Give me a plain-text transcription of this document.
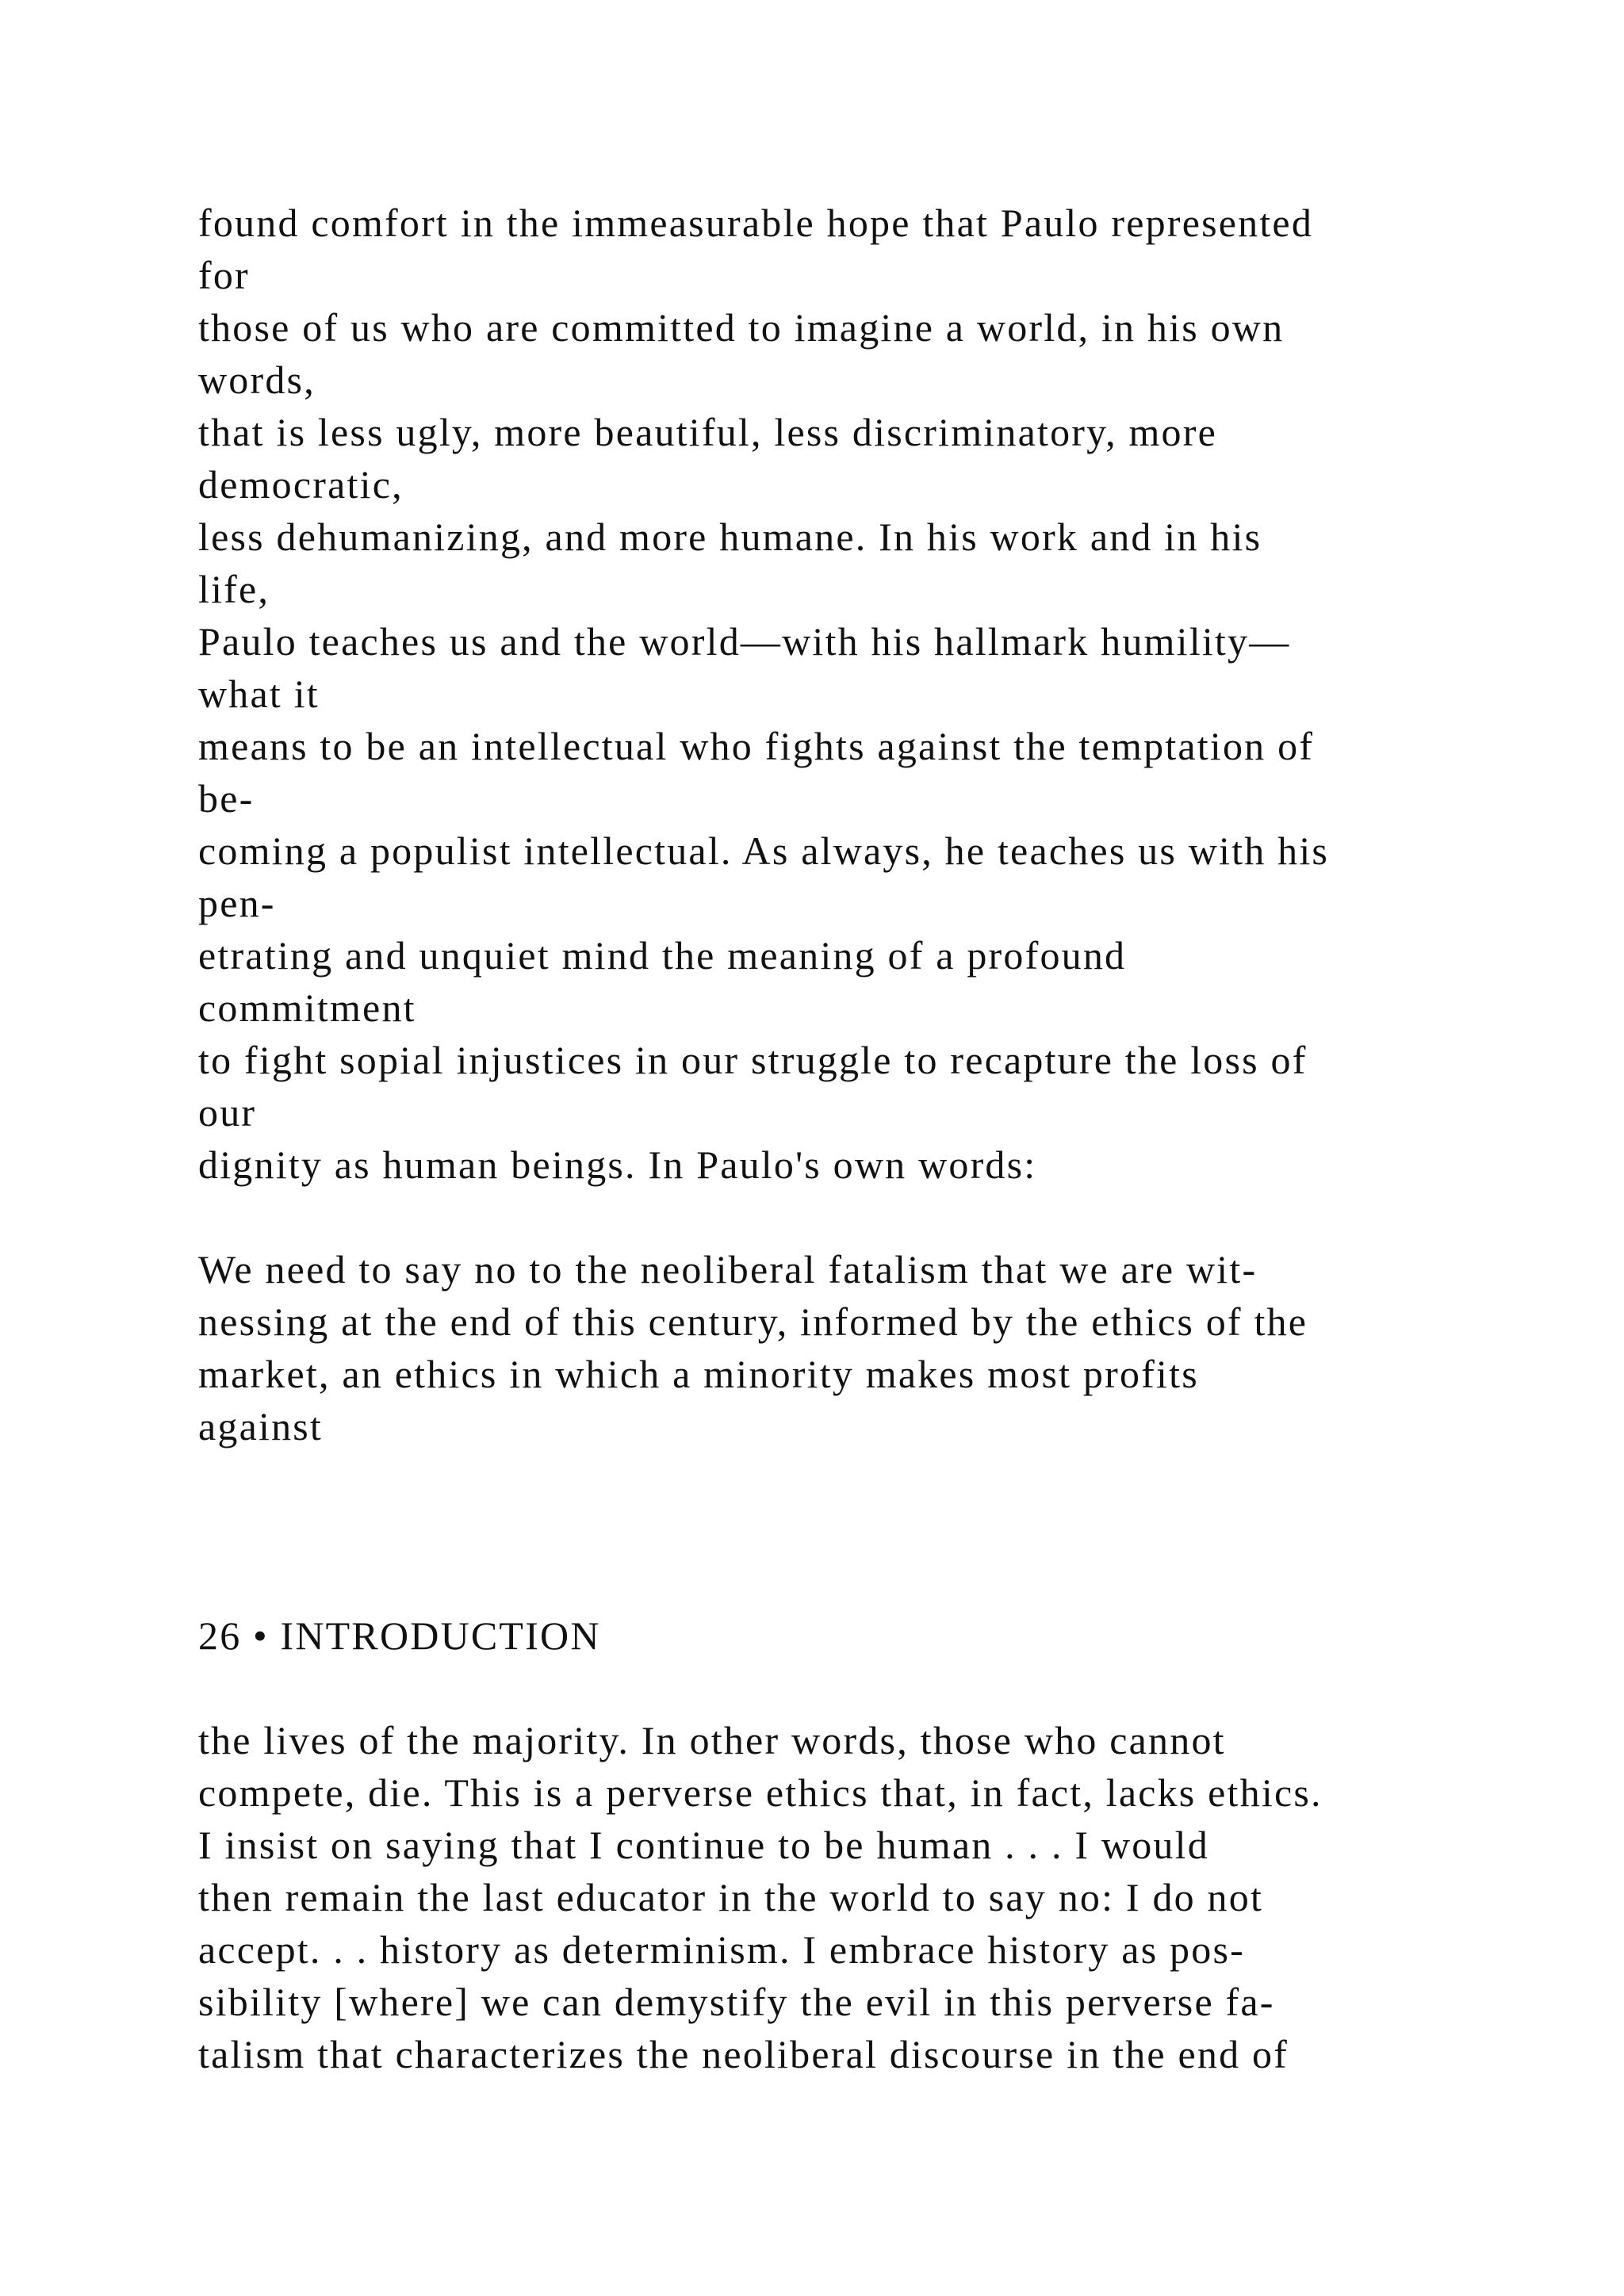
found comfort in the immeasurable hope that Paulo represented
for
those of us who are committed to imagine a world, in his own
words,
that is less ugly, more beautiful, less discriminatory, more
democratic,
less dehumanizing, and more humane. In his work and in his
life,
Paulo teaches us and the world—with his hallmark humility—
what it
means to be an intellectual who fights against the temptation of
be-
coming a populist intellectual. As always, he teaches us with his
pen-
etrating and unquiet mind the meaning of a profound
commitment
to fight sopial injustices in our struggle to recapture the loss of
our
dignity as human beings. In Paulo's own words:
We need to say no to the neoliberal fatalism that we are wit-
nessing at the end of this century, informed by the ethics of the
market, an ethics in which a minority makes most profits
against
26 • INTRODUCTION
the lives of the majority. In other words, those who cannot
compete, die. This is a perverse ethics that, in fact, lacks ethics.
I insist on saying that I continue to be human . . . I would
then remain the last educator in the world to say no: I do not
accept. . . history as determinism. I embrace history as pos-
sibility [where] we can demystify the evil in this perverse fa-
talism that characterizes the neoliberal discourse in the end of
